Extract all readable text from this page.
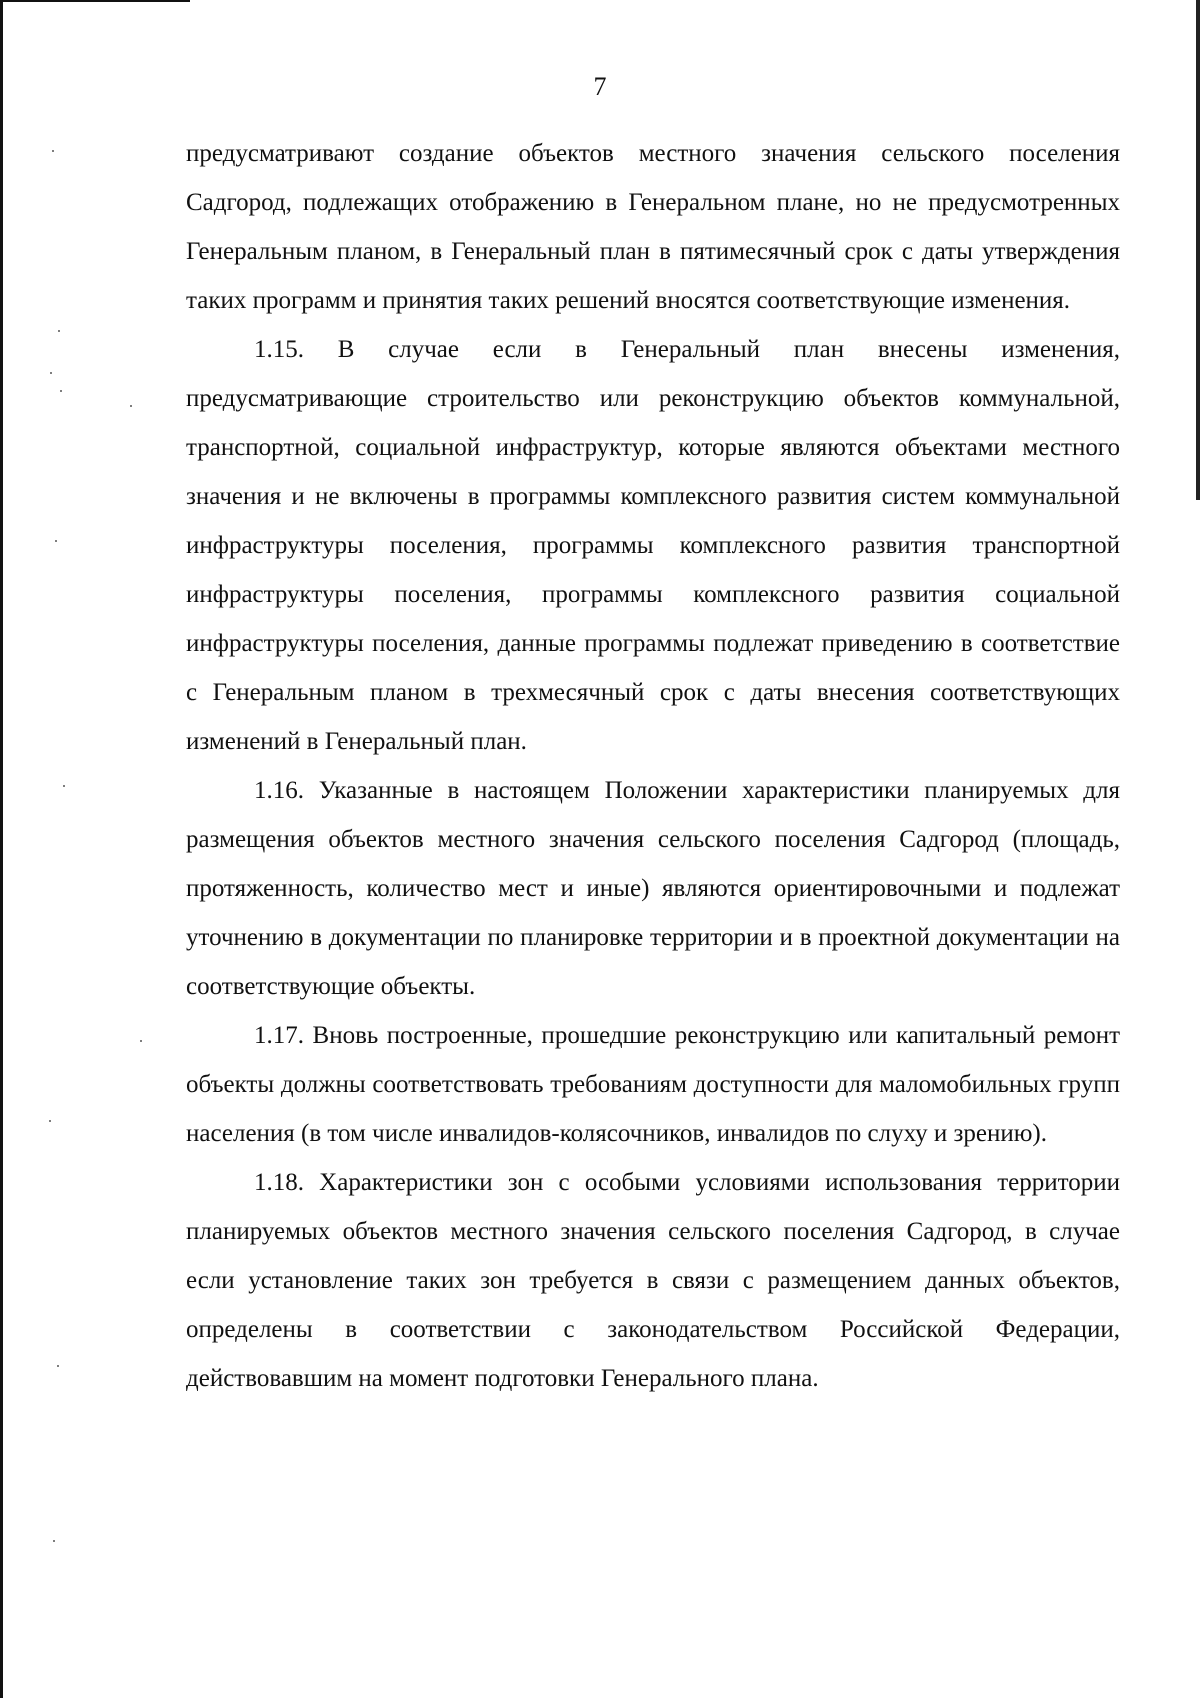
7

предусматривают создание объектов местного значения сельского поселения Садгород, подлежащих отображению в Генеральном плане, но не предусмотренных Генеральным планом, в Генеральный план в пятимесячный срок с даты утверждения таких программ и принятия таких решений вносятся соответствующие изменения.

1.15. В случае если в Генеральный план внесены изменения, предусматривающие строительство или реконструкцию объектов коммунальной, транспортной, социальной инфраструктур, которые являются объектами местного значения и не включены в программы комплексного развития систем коммунальной инфраструктуры поселения, программы комплексного развития транспортной инфраструктуры поселения, программы комплексного развития социальной инфраструктуры поселения, данные программы подлежат приведению в соответствие с Генеральным планом в трехмесячный срок с даты внесения соответствующих изменений в Генеральный план.

1.16. Указанные в настоящем Положении характеристики планируемых для размещения объектов местного значения сельского поселения Садгород (площадь, протяженность, количество мест и иные) являются ориентировочными и подлежат уточнению в документации по планировке территории и в проектной документации на соответствующие объекты.

1.17. Вновь построенные, прошедшие реконструкцию или капитальный ремонт объекты должны соответствовать требованиям доступности для маломобильных групп населения (в том числе инвалидов-колясочников, инвалидов по слуху и зрению).

1.18. Характеристики зон с особыми условиями использования территории планируемых объектов местного значения сельского поселения Садгород, в случае если установление таких зон требуется в связи с размещением данных объектов, определены в соответствии с законодательством Российской Федерации, действовавшим на момент подготовки Генерального плана.
